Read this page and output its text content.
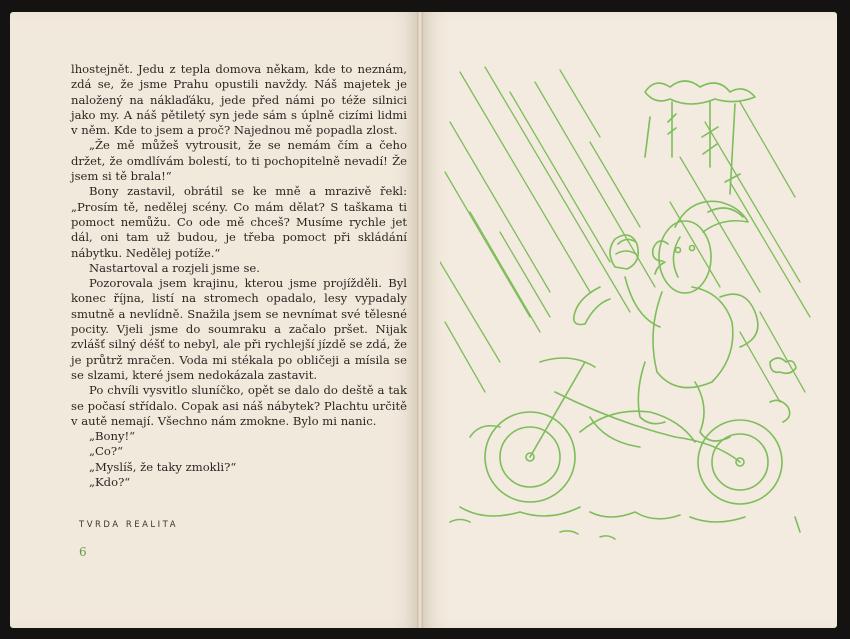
lhostejnět. Jedu z tepla domova někam, kde to neznám, zdá se, že jsme Prahu opustili navždy. Náš majetek je naložený na náklaďáku, jede před námi po téže silnici jako my. A náš pětiletý syn jede sám s úplně cizími lidmi v něm. Kde to jsem a proč? Najednou mě popadla zlost.

„Že mě můžeš vytrousit, že se nemám čím a čeho držet, že omdlívám bolestí, to ti pochopitelně nevadí! Že jsem si tě brala!“

Bony zastavil, obrátil se ke mně a mrazivě řekl: „Prosím tě, nedělej scény. Co mám dělat? S taškama ti pomoct nemůžu. Co ode mě chceš? Musíme rychle jet dál, oni tam už budou, je třeba pomoct při skládání nábytku. Nedělej potíže.“

Nastartoval a rozjeli jsme se.

Pozorovala jsem krajinu, kterou jsme projížděli. Byl konec října, listí na stromech opadalo, lesy vypadaly smutně a nevlídně. Snažila jsem se nevnímat své tělesné pocity. Vjeli jsme do soumraku a začalo pršet. Nijak zvlášť silný déšť to nebyl, ale při rychlejší jízdě se zdá, že je průtrž mračen. Voda mi stékala po obličeji a mísila se se slzami, které jsem nedokázala zastavit.

Po chvíli vysvitlo sluníčko, opět se dalo do deště a tak se počasí střídalo. Copak asi náš nábytek? Plachtu určitě v autě nemají. Všechno nám zmokne. Bylo mi nanic.

„Bony!“

„Co?“

„Myslíš, že taky zmokli?“

„Kdo?“

TVRDA REALITA
6
